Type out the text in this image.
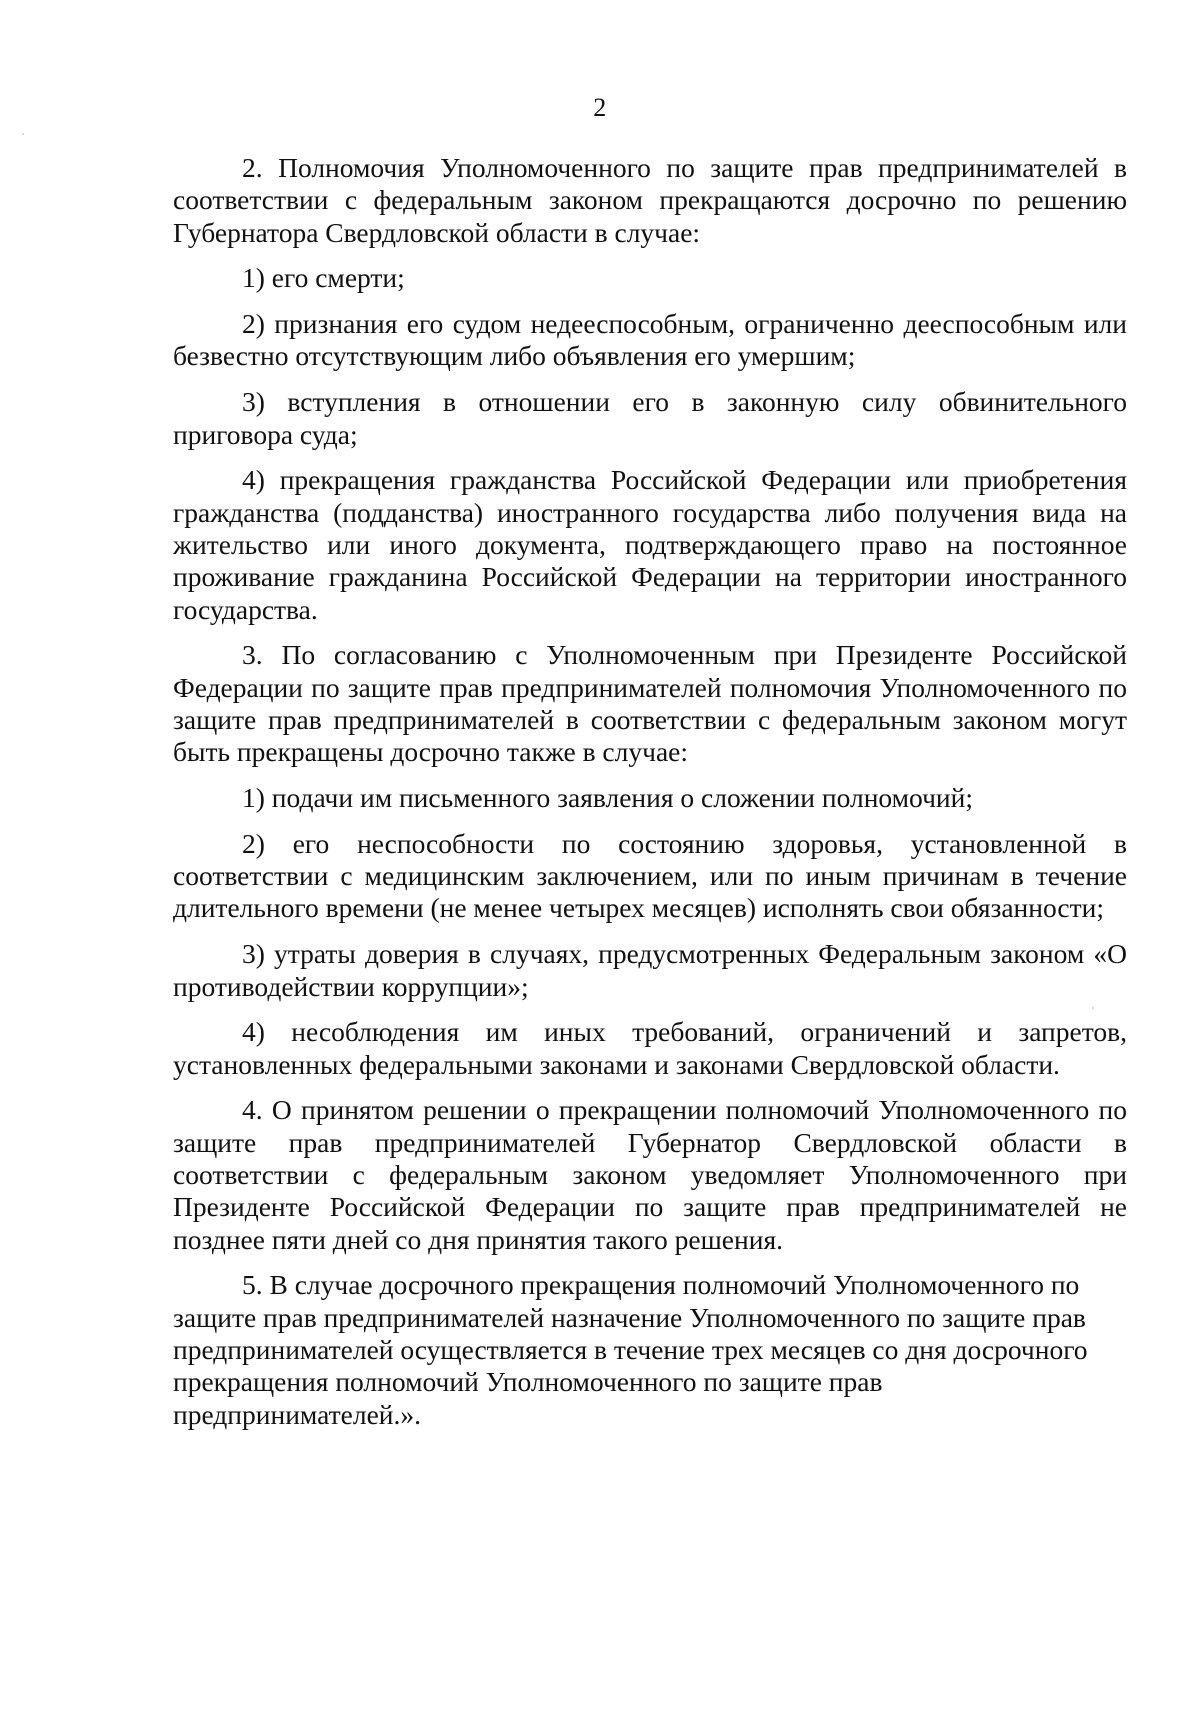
2

2. Полномочия Уполномоченного по защите прав предпринимателей в соответствии с федеральным законом прекращаются досрочно по решению Губернатора Свердловской области в случае:

1) его смерти;

2) признания его судом недееспособным, ограниченно дееспособным или безвестно отсутствующим либо объявления его умершим;

3) вступления в отношении его в законную силу обвинительного приговора суда;

4) прекращения гражданства Российской Федерации или приобретения гражданства (подданства) иностранного государства либо получения вида на жительство или иного документа, подтверждающего право на постоянное проживание гражданина Российской Федерации на территории иностранного государства.

3. По согласованию с Уполномоченным при Президенте Российской Федерации по защите прав предпринимателей полномочия Уполномоченного по защите прав предпринимателей в соответствии с федеральным законом могут быть прекращены досрочно также в случае:

1) подачи им письменного заявления о сложении полномочий;

2) его неспособности по состоянию здоровья, установленной в соответствии с медицинским заключением, или по иным причинам в течение длительного времени (не менее четырех месяцев) исполнять свои обязанности;

3) утраты доверия в случаях, предусмотренных Федеральным законом «О противодействии коррупции»;

4) несоблюдения им иных требований, ограничений и запретов, установленных федеральными законами и законами Свердловской области.

4. О принятом решении о прекращении полномочий Уполномоченного по защите прав предпринимателей Губернатор Свердловской области в соответствии с федеральным законом уведомляет Уполномоченного при Президенте Российской Федерации по защите прав предпринимателей не позднее пяти дней со дня принятия такого решения.

5. В случае досрочного прекращения полномочий Уполномоченного по защите прав предпринимателей назначение Уполномоченного по защите прав предпринимателей осуществляется в течение трех месяцев со дня досрочного прекращения полномочий Уполномоченного по защите прав предпринимателей.».
